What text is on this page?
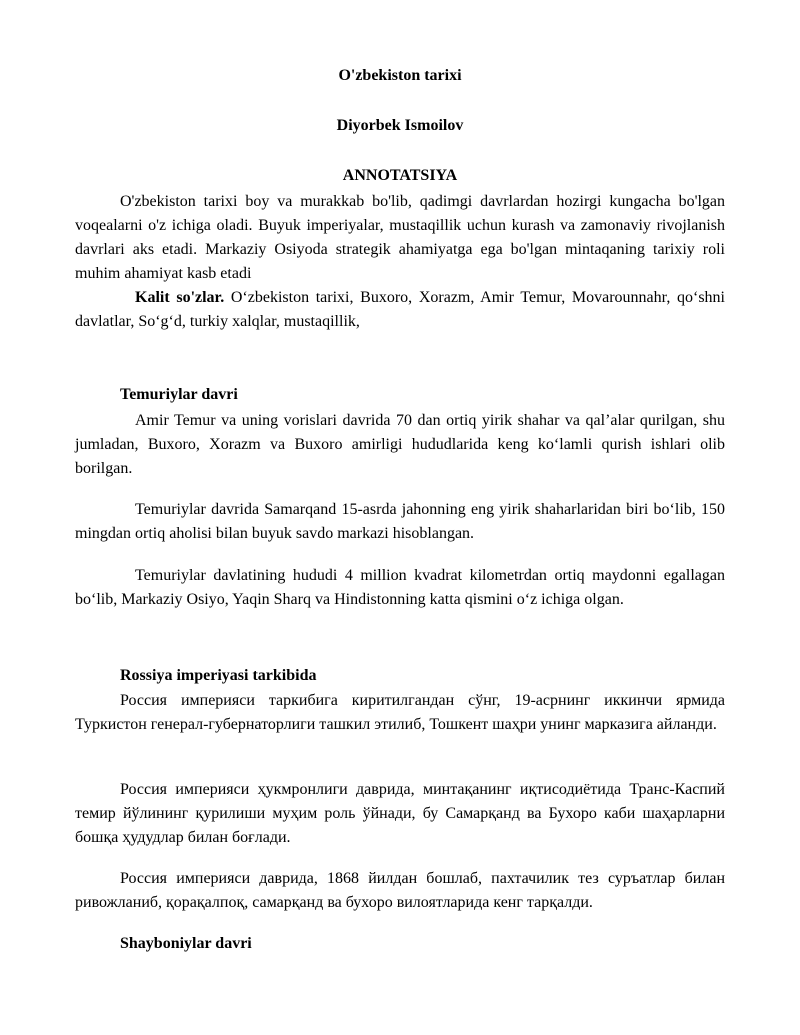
O'zbekiston tarixi
Diyorbek Ismoilov
ANNOTATSIYA

O'zbekiston tarixi boy va murakkab bo'lib, qadimgi davrlardan hozirgi kungacha bo'lgan voqealarni o'z ichiga oladi. Buyuk imperiyalar, mustaqillik uchun kurash va zamonaviy rivojlanish davrlari aks etadi. Markaziy Osiyoda strategik ahamiyatga ega bo'lgan mintaqaning tarixiy roli muhim ahamiyat kasb etadi

Kalit so'zlar. O‘zbekiston tarixi, Buxoro, Xorazm, Amir Temur, Movarounnahr, qo‘shni davlatlar, So‘g‘d, turkiy xalqlar, mustaqillik,

Temuriylar davri

Amir Temur va uning vorislari davrida 70 dan ortiq yirik shahar va qal’alar qurilgan, shu jumladan, Buxoro, Xorazm va Buxoro amirligi hududlarida keng ko‘lamli qurish ishlari olib borilgan.

Temuriylar davrida Samarqand 15-asrda jahonning eng yirik shaharlaridan biri bo‘lib, 150 mingdan ortiq aholisi bilan buyuk savdo markazi hisoblangan.

Temuriylar davlatining hududi 4 million kvadrat kilometrdan ortiq maydonni egallagan bo‘lib, Markaziy Osiyo, Yaqin Sharq va Hindistonning katta qismini o‘z ichiga olgan.

Rossiya imperiyasi tarkibida

Россия империяси таркибига киритилгандан сўнг, 19-асрнинг иккинчи ярмида Туркистон генерал-губернаторлиги ташкил этилиб, Тошкент шаҳри унинг марказига айланди.

Россия империяси ҳукмронлиги даврида, минтақанинг иқтисодиётида Транс-Каспий темир йўлининг қурилиши муҳим роль ўйнади, бу Самарқанд ва Бухоро каби шаҳарларни бошқа ҳудудлар билан боғлади.

Россия империяси даврида, 1868 йилдан бошлаб, пахтачилик тез суръатлар билан ривожланиб, қорақалпоқ, самарқанд ва бухоро вилоятларида кенг тарқалди.

Shayboniylar davri
